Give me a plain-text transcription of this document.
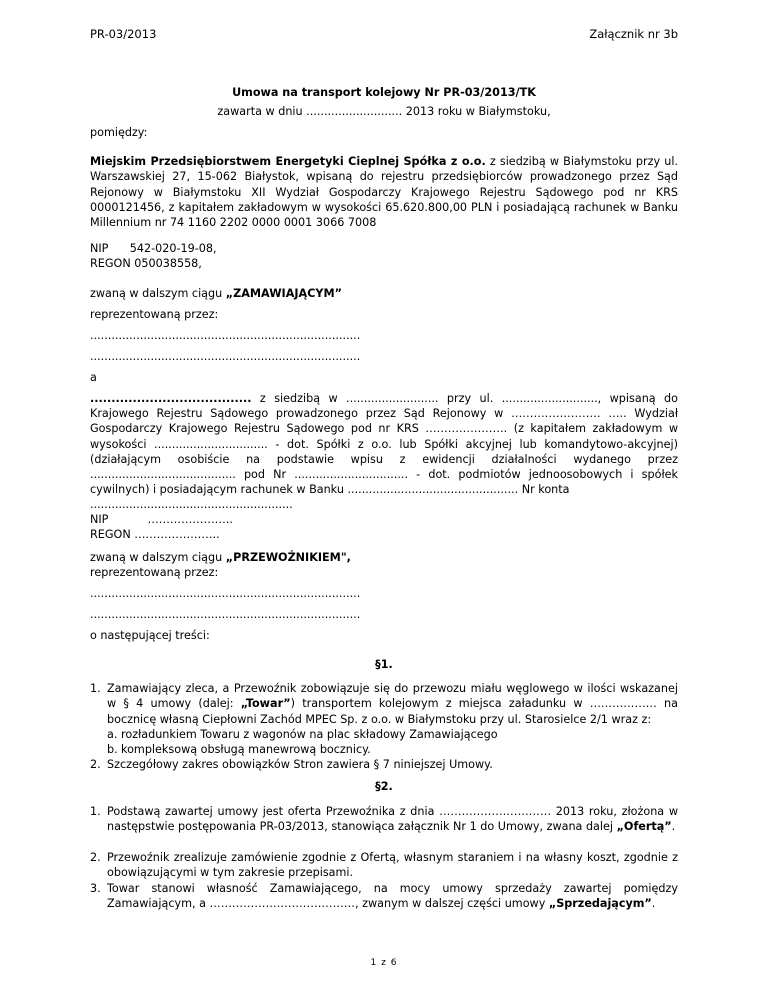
PR-03/2013	Załącznik nr 3b
Umowa na transport kolejowy Nr PR-03/2013/TK
zawarta w dniu ........................... 2013 roku w Białymstoku,
pomiędzy:
Miejskim Przedsiębiorstwem Energetyki Cieplnej Spółka z o.o. z siedzibą w Białymstoku przy ul. Warszawskiej 27, 15-062 Białystok, wpisaną do rejestru przedsiębiorców prowadzonego przez Sąd Rejonowy w Białymstoku XII Wydział Gospodarczy Krajowego Rejestru Sądowego pod nr KRS 0000121456, z kapitałem zakładowym w wysokości 65.620.800,00 PLN i posiadającą rachunek w Banku Millennium nr 74 1160 2202 0000 0001 3066 7008
NIP      542-020-19-08,
REGON 050038558,
zwaną w dalszym ciągu „ZAMAWIAJĄCYM”
reprezentowaną przez:
............................................................................
............................................................................
a
...................................... z siedzibą w .......................... przy ul. ..........................., wpisaną do
Krajowego Rejestru Sądowego prowadzonego przez Sąd Rejonowy w …………………… ….. Wydział Gospodarczy Krajowego Rejestru Sądowego pod nr KRS …………………. (z kapitałem zakładowym w wysokości ................................ - dot. Spółki z o.o. lub Spółki akcyjnej lub komandytowo-akcyjnej) (działającym osobiście na podstawie wpisu z ewidencji działalności wydanego przez ......................................... pod Nr ................................ - dot. podmiotów jednoosobowych i spółek cywilnych) i posiadającym rachunek w Banku ................................................ Nr konta
.........................................................
NIP           …………………..
REGON …………………..
zwaną w dalszym ciągu „PRZEWOŹNIKIEM",
reprezentowaną przez:
............................................................................
............................................................................
o następującej treści:
§1.
1. Zamawiający zleca, a Przewoźnik zobowiązuje się do przewozu miału węglowego w ilości wskazanej w § 4 umowy (dalej: „Towar”) transportem kolejowym z miejsca załadunku w ……………… na bocznicę własną Ciepłowni Zachód MPEC Sp. z o.o. w Białymstoku przy ul. Starosielce 2/1 wraz z:
a. rozładunkiem Towaru z wagonów na plac składowy Zamawiającego
b. kompleksową obsługą manewrową bocznicy.
2. Szczegółowy zakres obowiązków Stron zawiera § 7 niniejszej Umowy.
§2.
1. Podstawą zawartej umowy jest oferta Przewoźnika z dnia ………………………… 2013 roku, złożona w następstwie postępowania PR-03/2013, stanowiąca załącznik Nr 1 do Umowy, zwana dalej „Ofertą”.
2. Przewoźnik zrealizuje zamówienie zgodnie z Ofertą, własnym staraniem i na własny koszt, zgodnie z obowiązującymi w tym zakresie przepisami.
3. Towar stanowi własność Zamawiającego, na mocy umowy sprzedaży zawartej pomiędzy Zamawiającym, a …………………………………, zwanym w dalszej części umowy „Sprzedającym”.
1 z 6
